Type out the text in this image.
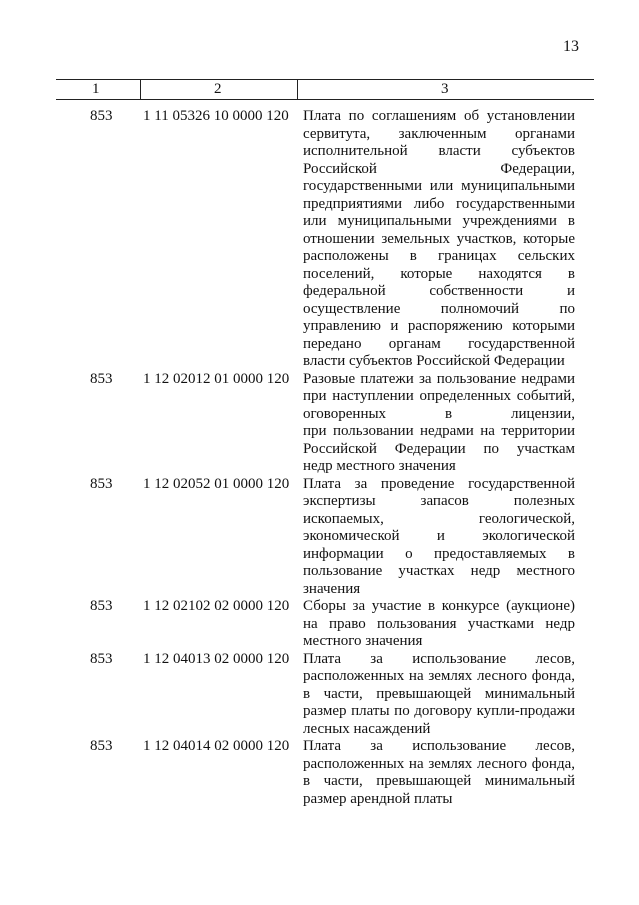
13
1	2	3
853	1 11 05326 10 0000 120 Плата по соглашениям об установлении
сервитута, заключенным органами
исполнительной власти субъектов
Российской Федерации,
государственными или муниципальными
предприятиями либо государственными
или муниципальными учреждениями в
отношении земельных участков, которые
расположены в границах сельских
поселений, которые находятся в
федеральной собственности и
осуществление полномочий по
управлению и распоряжению которыми
передано органам государственной
власти субъектов Российской Федерации
853	1 12 02012 01 0000 120 Разовые платежи за пользование недрами
при наступлении определенных событий,
оговоренных в лицензии,
при пользовании недрами на территории
Российской Федерации по участкам
недр местного значения
853	1 12 02052 01 0000 120 Плата за проведение государственной
экспертизы запасов полезных
ископаемых, геологической,
экономической и экологической
информации о предоставляемых в
пользование участках недр местного
значения
853	1 12 02102 02 0000 120 Сборы за участие в конкурсе (аукционе)
на право пользования участками недр
местного значения
853	1 12 04013 02 0000 120 Плата за использование лесов,
расположенных на землях лесного фонда,
в части, превышающей минимальный
размер платы по договору купли-продажи
лесных насаждений
853	1 12 04014 02 0000 120 Плата за использование лесов,
расположенных на землях лесного фонда,
в части, превышающей минимальный
размер арендной платы
